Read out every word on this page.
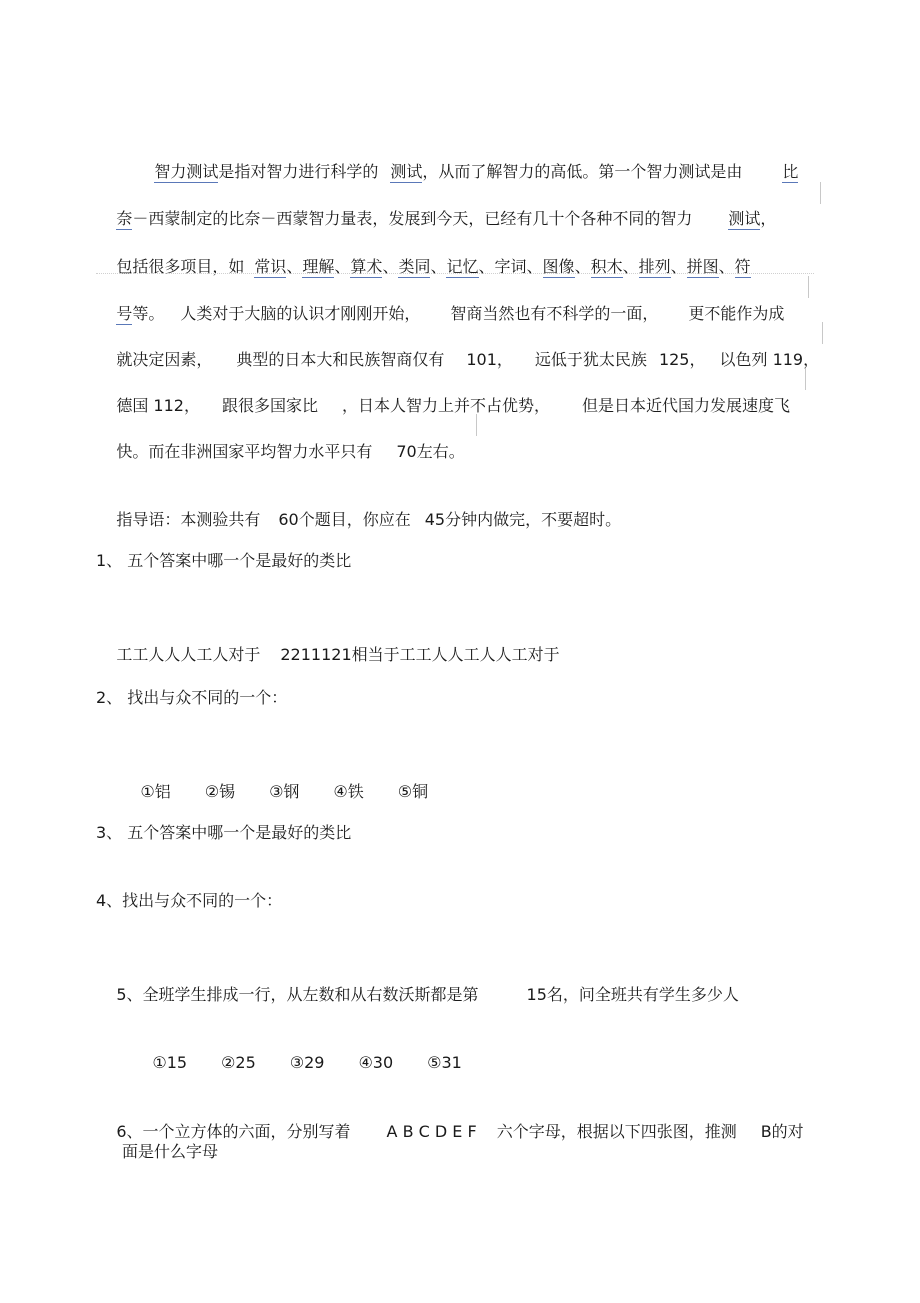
智力测试是指对智力进行科学的 测试，从而了解智力的高低。第一个智力测试是由	比

奈－西蒙制定的比奈－西蒙智力量表，发展到今天，已经有几十个各种不同的智力 测试，

包括很多项目，如 常识、理解、算术、类同、记忆、字词、图像、积木、排列、拼图、符

号等。 人类对于大脑的认识才刚刚开始， 智商当然也有不科学的一面， 更不能作为成

就决定因素， 典型的日本大和民族智商仅有 101， 远低于犹太民族 125， 以色列 119，

德国 112， 跟很多国家比 ，日本人智力上并不占优势， 但是日本近代国力发展速度飞

快。而在非洲国家平均智力水平只有 70左右。

指导语：本测验共有 60个题目，你应在 45分钟内做完，不要超时。

1、 五个答案中哪一个是最好的类比

工工人人人工人对于 2211121相当于工工人人工人人工对于

2、 找出与众不同的一个：

①铝 ②锡 ③钢 ④铁 ⑤铜

3、 五个答案中哪一个是最好的类比
4、找出与众不同的一个：

5、全班学生排成一行，从左数和从右数沃斯都是第	15名，问全班共有学生多少人

①15 ②25 ③29 ④30 ⑤31

6、一个立方体的六面，分别写着 A B C D E F 六个字母，根据以下四张图，推测 B的对

面是什么字母
